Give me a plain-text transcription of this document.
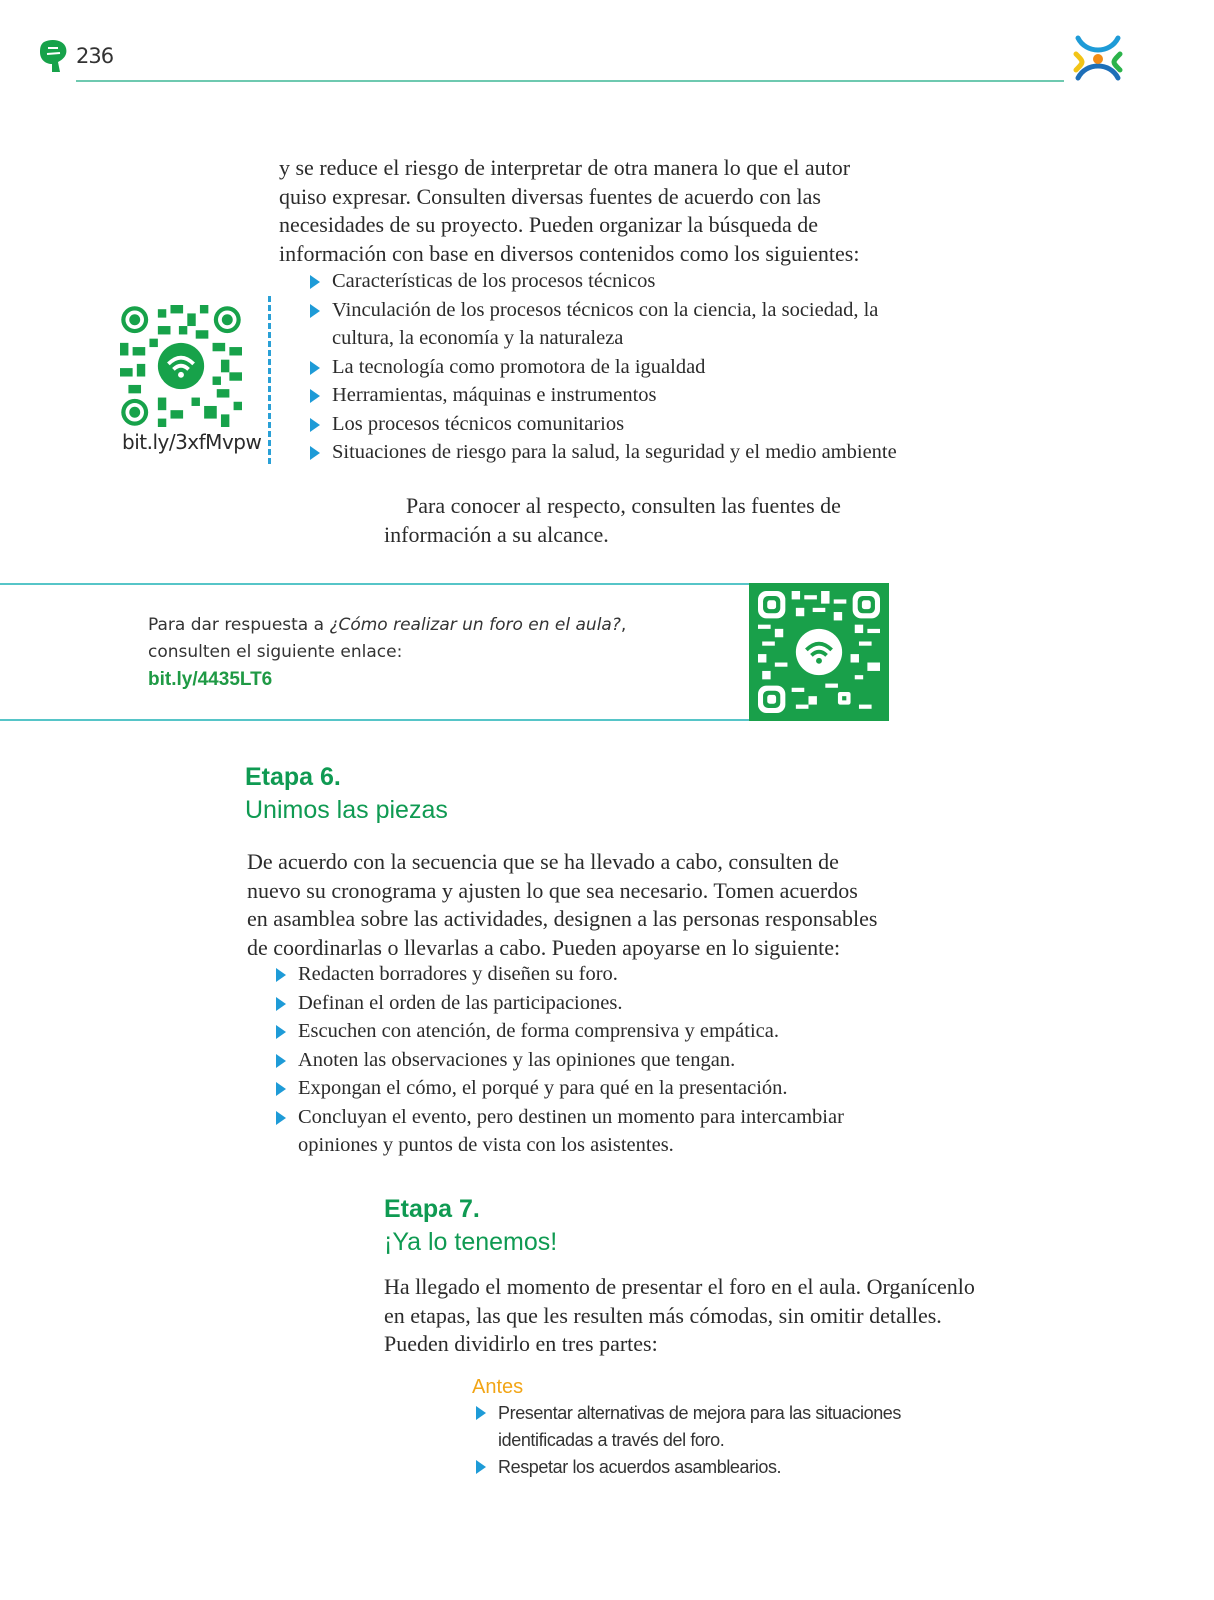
236

y se reduce el riesgo de interpretar de otra manera lo que el autor

quiso expresar. Consulten diversas fuentes de acuerdo con las

necesidades de su proyecto. Pueden organizar la búsqueda de

información con base en diversos contenidos como los siguientes:

Características de los procesos técnicos
Vinculación de los procesos técnicos con la ciencia, la sociedad, la cultura, la economía y la naturaleza
La tecnología como promotora de la igualdad
Herramientas, máquinas e instrumentos
Los procesos técnicos comunitarios
Situaciones de riesgo para la salud, la seguridad y el medio ambiente
bit.ly/3xfMvpw

Para conocer al respecto, consulten las fuentes de

información a su alcance.

Para dar respuesta a ¿Cómo realizar un foro en el aula?,
consulten el siguiente enlace:
bit.ly/4435LT6
Etapa 6.
Unimos las piezas

De acuerdo con la secuencia que se ha llevado a cabo, consulten de

nuevo su cronograma y ajusten lo que sea necesario. Tomen acuerdos

en asamblea sobre las actividades, designen a las personas responsables

de coordinarlas o llevarlas a cabo. Pueden apoyarse en lo siguiente:

Redacten borradores y diseñen su foro.
Definan el orden de las participaciones.
Escuchen con atención, de forma comprensiva y empática.
Anoten las observaciones y las opiniones que tengan.
Expongan el cómo, el porqué y para qué en la presentación.
Concluyan el evento, pero destinen un momento para intercambiar opiniones y puntos de vista con los asistentes.
Etapa 7.
¡Ya lo tenemos!

Ha llegado el momento de presentar el foro en el aula. Organícenlo

en etapas, las que les resulten más cómodas, sin omitir detalles.

Pueden dividirlo en tres partes:

Antes
Presentar alternativas de mejora para las situaciones identificadas a través del foro.
Respetar los acuerdos asamblearios.
